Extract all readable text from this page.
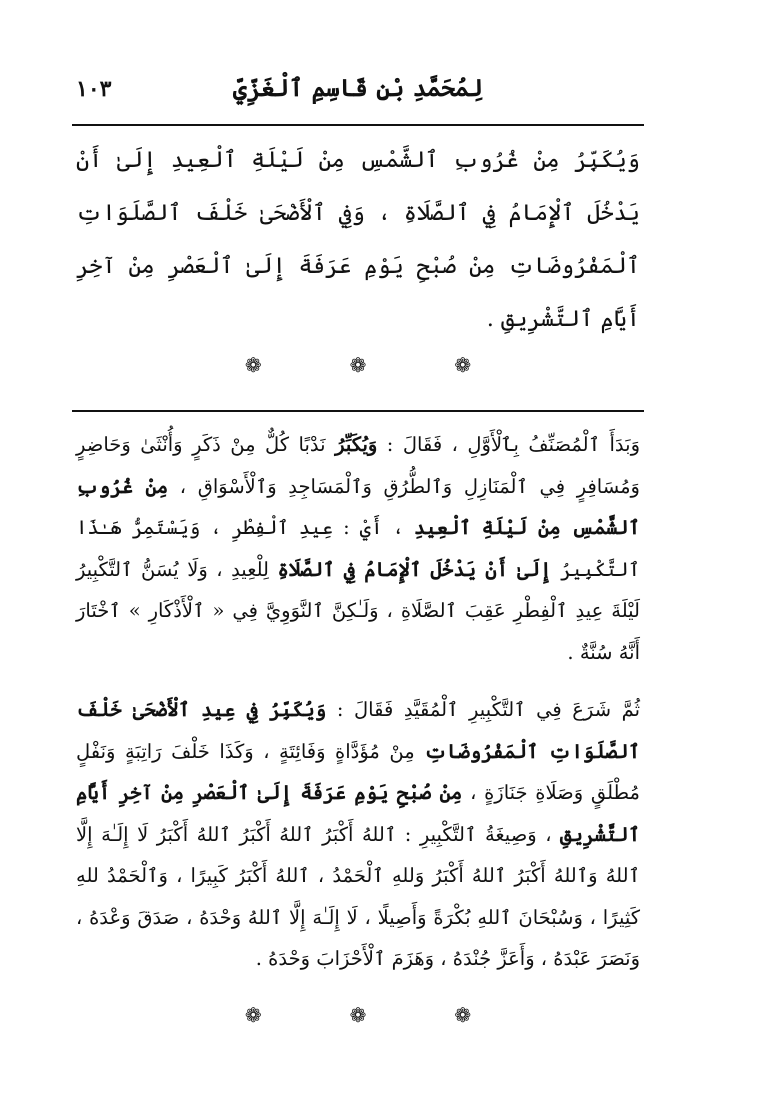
لِمُحَمَّدِ بْنِ قَاسِمِ ٱلْغَزِّيِّ
١٠٣
وَيُكَبِّرُ مِنْ غُرُوبِ ٱلشَّمْسِ مِنْ لَيْلَةِ ٱلْعِيدِ إِلَىٰ أَنْ يَدْخُلَ ٱلْإِمَامُ فِي ٱلصَّلَاةِ ، وَفِي ٱلْأَضْحَىٰ خَلْفَ ٱلصَّلَوَاتِ ٱلْمَفْرُوضَاتِ مِنْ صُبْحِ يَوْمِ عَرَفَةَ إِلَىٰ ٱلْعَصْرِ مِنْ آخِرِ أَيَّامِ ٱلتَّشْرِيقِ .
❁	❁	❁

وَبَدَأَ ٱلْمُصَنِّفُ بِٱلْأَوَّلِ ، فَقَالَ : وَيُكَبِّرُ نَدْبًا كُلٌّ مِنْ ذَكَرٍ وَأُنْثَىٰ وَحَاضِرٍ وَمُسَافِرٍ فِي ٱلْمَنَازِلِ وَٱلطُّرُقِ وَٱلْمَسَاجِدِ وَٱلْأَسْوَاقِ ، مِنْ غُرُوبِ ٱلشَّمْسِ مِنْ لَيْلَةِ ٱلْعِيدِ ، أَيْ : عِيدِ ٱلْفِطْرِ ، وَيَسْتَمِرُّ هَـٰذَا ٱلتَّكْبِيرُ إِلَىٰ أَنْ يَدْخُلَ ٱلْإِمَامُ فِي ٱلصَّلَاةِ لِلْعِيدِ ، وَلَا يُسَنُّ ٱلتَّكْبِيرُ لَيْلَةَ عِيدِ ٱلْفِطْرِ عَقِبَ ٱلصَّلَاةِ ، وَلَـٰكِنَّ ٱلنَّوَوِيَّ فِي « ٱلْأَذْكَارِ » ٱخْتَارَ أَنَّهُ سُنَّةٌ .

ثُمَّ شَرَعَ فِي ٱلتَّكْبِيرِ ٱلْمُقَيَّدِ فَقَالَ : وَيُكَبِّرُ فِي عِيدِ ٱلْأَضْحَىٰ خَلْفَ ٱلصَّلَوَاتِ ٱلْمَفْرُوضَاتِ مِنْ مُؤَدَّاةٍ وَفَائِتَةٍ ، وَكَذَا خَلْفَ رَاتِبَةٍ وَنَفْلٍ مُطْلَقٍ وَصَلَاةِ جَنَازَةٍ ، مِنْ صُبْحِ يَوْمِ عَرَفَةَ إِلَىٰ ٱلْعَصْرِ مِنْ آخِرِ أَيَّامِ ٱلتَّشْرِيقِ ، وَصِيغَةُ ٱلتَّكْبِيرِ : ٱللهُ أَكْبَرُ ٱللهُ أَكْبَرُ ٱللهُ أَكْبَرُ لَا إِلَـٰهَ إِلَّا ٱللهُ وَٱللهُ أَكْبَرُ ٱللهُ أَكْبَرُ وَللهِ ٱلْحَمْدُ ، ٱللهُ أَكْبَرُ كَبِيرًا ، وَٱلْحَمْدُ للهِ كَثِيرًا ، وَسُبْحَانَ ٱللهِ بُكْرَةً وَأَصِيلًا ، لَا إِلَـٰهَ إِلَّا ٱللهُ وَحْدَهُ ، صَدَقَ وَعْدَهُ ، وَنَصَرَ عَبْدَهُ ، وَأَعَزَّ جُنْدَهُ ، وَهَزَمَ ٱلْأَحْزَابَ وَحْدَهُ .

❁	❁	❁
